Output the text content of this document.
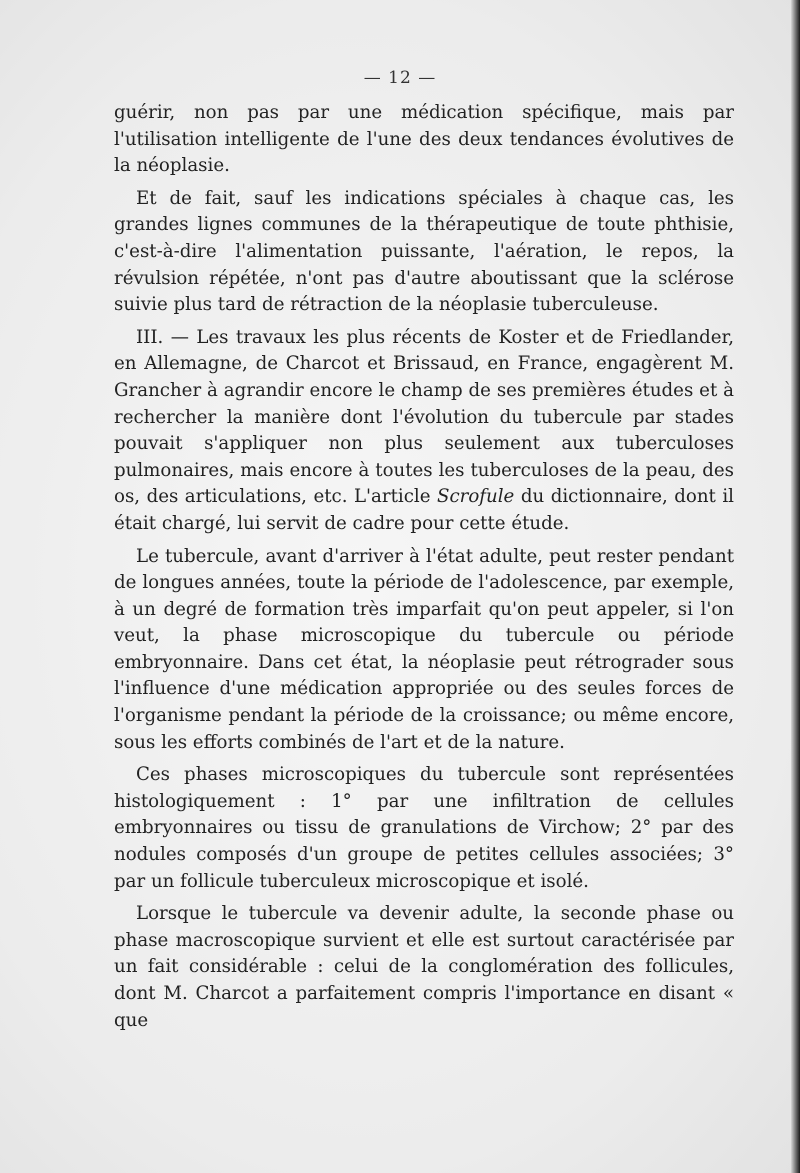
— 12 —

guérir, non pas par une médication spécifique, mais par l'utilisation intelligente de l'une des deux tendances évolutives de la néoplasie.

Et de fait, sauf les indications spéciales à chaque cas, les grandes lignes communes de la thérapeutique de toute phthisie, c'est-à-dire l'alimentation puissante, l'aération, le repos, la révulsion répétée, n'ont pas d'autre aboutissant que la sclérose suivie plus tard de rétraction de la néoplasie tuberculeuse.

III. — Les travaux les plus récents de Koster et de Friedlander, en Allemagne, de Charcot et Brissaud, en France, engagèrent M. Grancher à agrandir encore le champ de ses premières études et à rechercher la manière dont l'évolution du tubercule par stades pouvait s'appliquer non plus seulement aux tuberculoses pulmonaires, mais encore à toutes les tuberculoses de la peau, des os, des articulations, etc. L'article Scrofule du dictionnaire, dont il était chargé, lui servit de cadre pour cette étude.

Le tubercule, avant d'arriver à l'état adulte, peut rester pendant de longues années, toute la période de l'adolescence, par exemple, à un degré de formation très imparfait qu'on peut appeler, si l'on veut, la phase microscopique du tubercule ou période embryonnaire. Dans cet état, la néoplasie peut rétrograder sous l'influence d'une médication appropriée ou des seules forces de l'organisme pendant la période de la croissance; ou même encore, sous les efforts combinés de l'art et de la nature.

Ces phases microscopiques du tubercule sont représentées histologiquement : 1° par une infiltration de cellules embryonnaires ou tissu de granulations de Virchow; 2° par des nodules composés d'un groupe de petites cellules associées; 3° par un follicule tuberculeux microscopique et isolé.

Lorsque le tubercule va devenir adulte, la seconde phase ou phase macroscopique survient et elle est surtout caractérisée par un fait considérable : celui de la conglomération des follicules, dont M. Charcot a parfaitement compris l'importance en disant « que
